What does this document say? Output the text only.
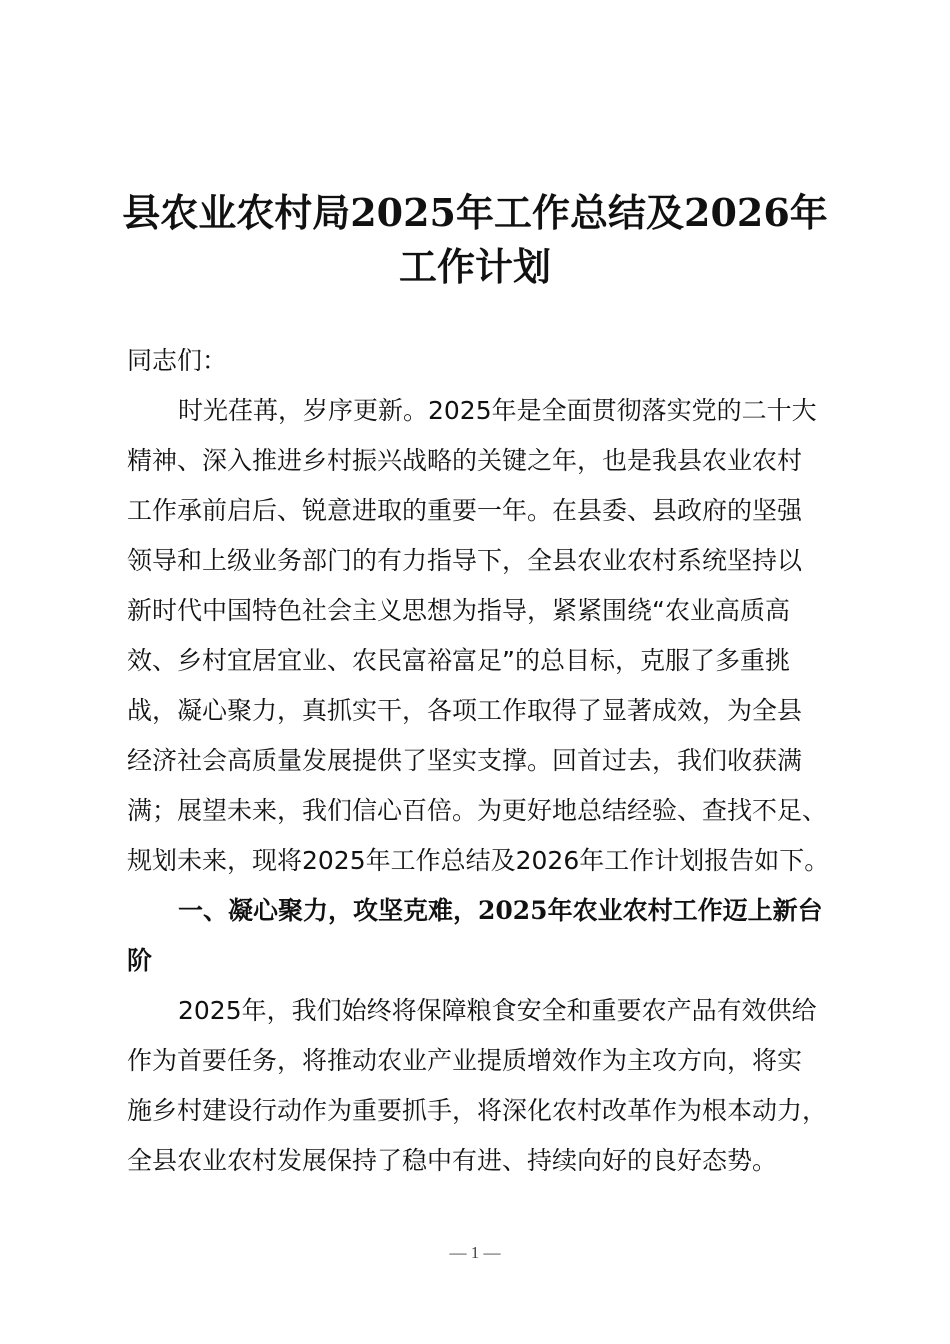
县农业农村局2025年工作总结及2026年
工作计划

同志们：

时光荏苒，岁序更新。2025年是全面贯彻落实党的二十大

精神、深入推进乡村振兴战略的关键之年，也是我县农业农村

工作承前启后、锐意进取的重要一年。在县委、县政府的坚强

领导和上级业务部门的有力指导下，全县农业农村系统坚持以

新时代中国特色社会主义思想为指导，紧紧围绕“农业高质高

效、乡村宜居宜业、农民富裕富足”的总目标，克服了多重挑

战，凝心聚力，真抓实干，各项工作取得了显著成效，为全县

经济社会高质量发展提供了坚实支撑。回首过去，我们收获满

满；展望未来，我们信心百倍。为更好地总结经验、查找不足、

规划未来，现将2025年工作总结及2026年工作计划报告如下。

一、凝心聚力，攻坚克难，2025年农业农村工作迈上新台

阶

2025年，我们始终将保障粮食安全和重要农产品有效供给

作为首要任务，将推动农业产业提质增效作为主攻方向，将实

施乡村建设行动作为重要抓手，将深化农村改革作为根本动力，

全县农业农村发展保持了稳中有进、持续向好的良好态势。

— 1 —
